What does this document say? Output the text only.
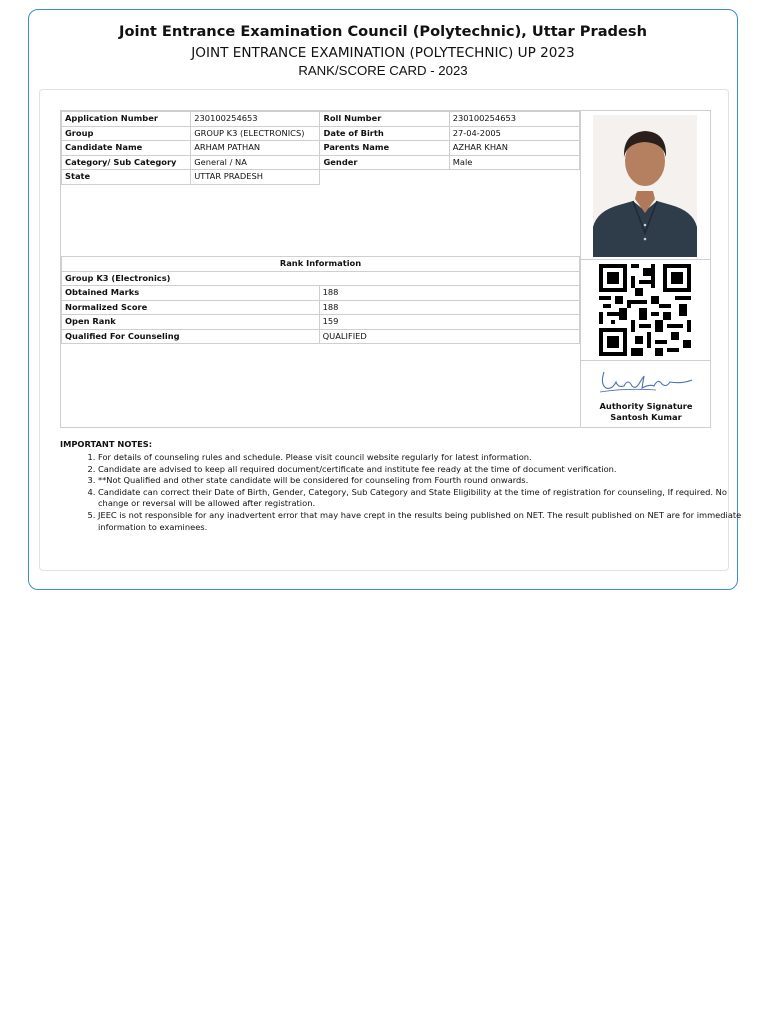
Joint Entrance Examination Council (Polytechnic), Uttar Pradesh
JOINT ENTRANCE EXAMINATION (POLYTECHNIC) UP 2023
RANK/SCORE CARD - 2023
Application Number	230100254653	Roll Number	230100254653
Group	GROUP K3 (ELECTRONICS)	Date of Birth	27-04-2005
Candidate Name	ARHAM PATHAN	Parents Name	AZHAR KHAN
Category/ Sub Category	General / NA	Gender	Male
State	UTTAR PRADESH		
Rank Information	
Group K3 (Electronics)	
Obtained Marks	188
Normalized Score	188
Open Rank	159
Qualified For Counseling	QUALIFIED
Authority Signature
Santosh Kumar
IMPORTANT NOTES:
1. For details of counseling rules and schedule. Please visit council website regularly for latest information.
2. Candidate are advised to keep all required document/certificate and institute fee ready at the time of document verification.
3. **Not Qualified and other state candidate will be considered for counseling from Fourth round onwards.
4. Candidate can correct their Date of Birth, Gender, Category, Sub Category and State Eligibility at the time of registration for counseling, If required. No change or reversal will be allowed after registration.
5. JEEC is not responsible for any inadvertent error that may have crept in the results being published on NET. The result published on NET are for immediate information to examinees.
